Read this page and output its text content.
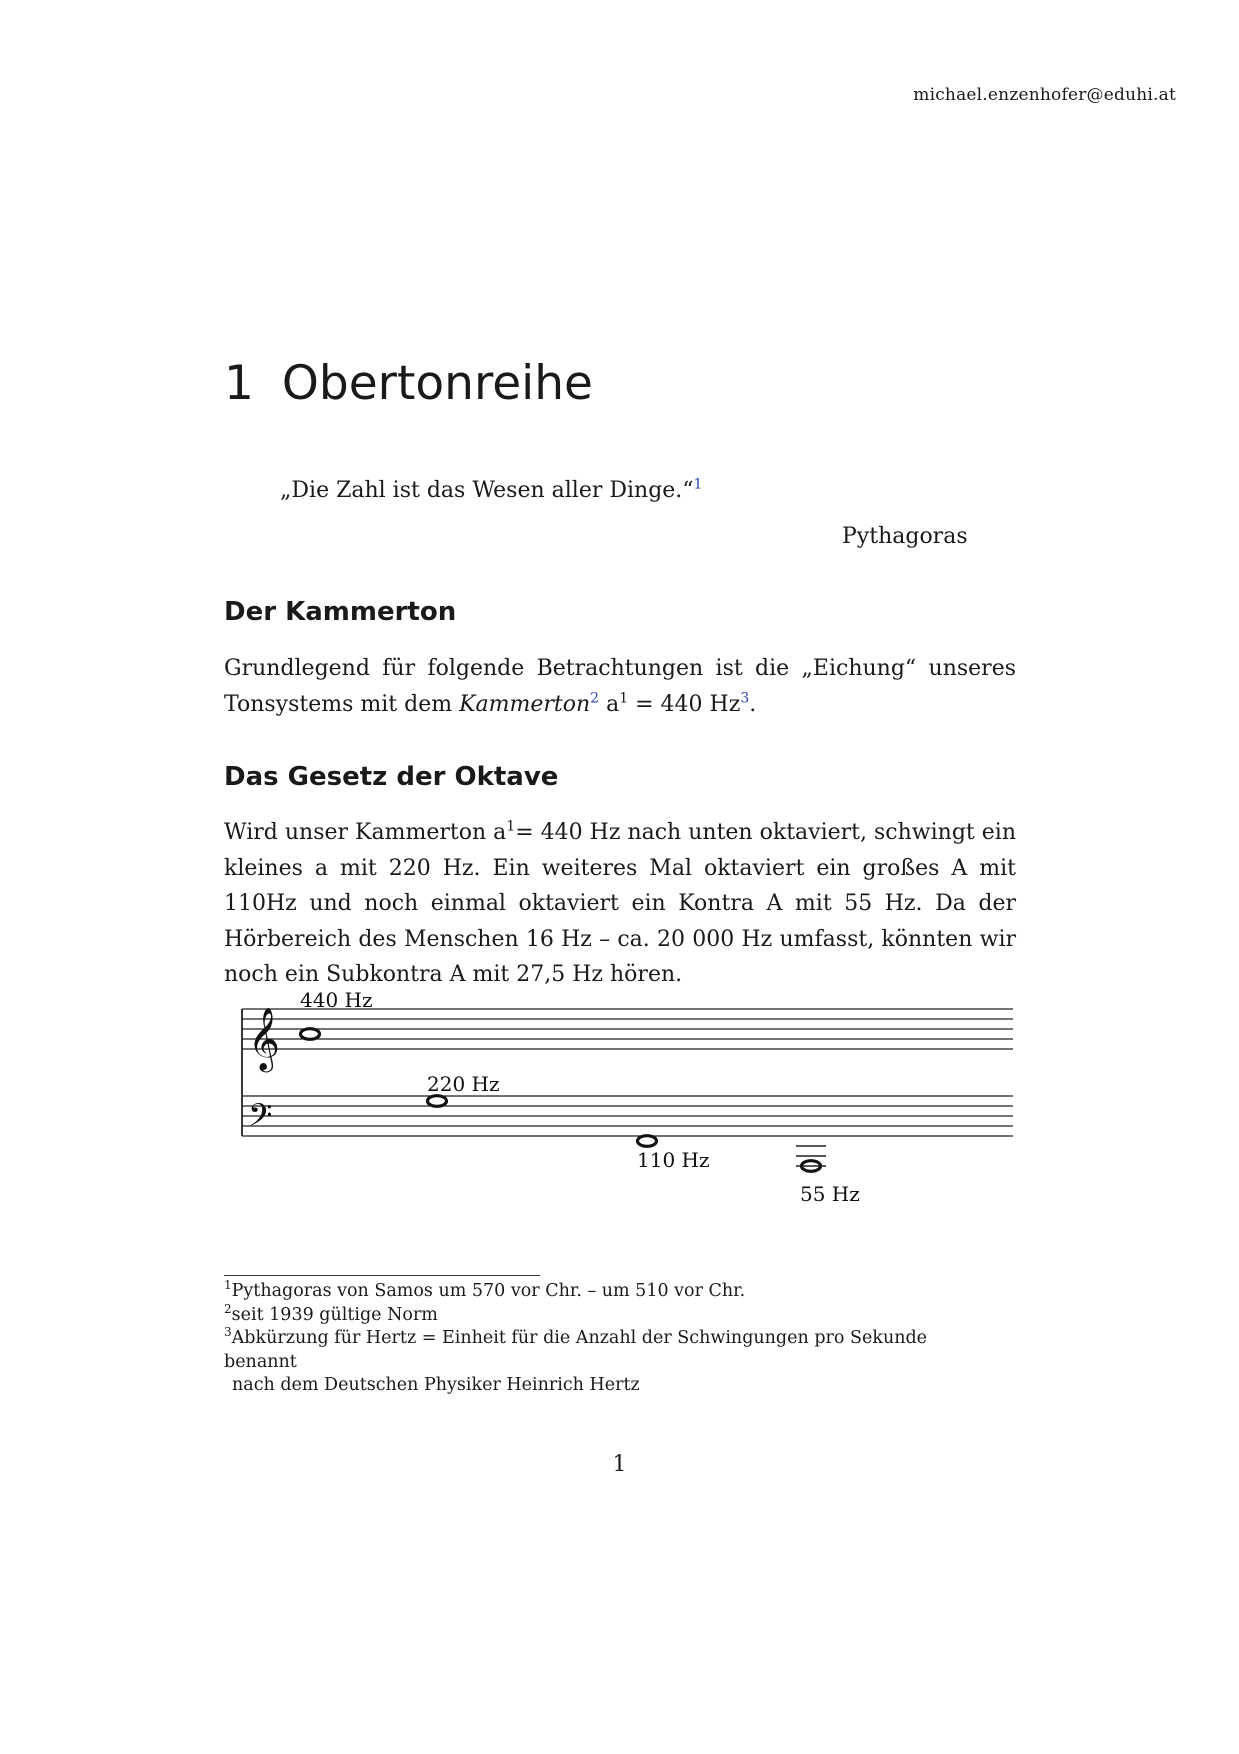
michael.enzenhofer@eduhi.at
1 Obertonreihe
„Die Zahl ist das Wesen aller Dinge.“$^1$
Pythagoras
Der Kammerton

Grundlegend für folgende Betrachtungen ist die „Eichung“ unseres Tonsystems mit dem Kammerton$^2$ $a^1 = 440$ Hz$^3$.

Das Gesetz der Oktave

Wird unser Kammerton $a^1= 440$ Hz nach unten oktaviert, schwingt ein kleines a mit 220 Hz. Ein weiteres Mal oktaviert ein großes A mit 110Hz und noch einmal oktaviert ein Kontra A mit 55 Hz. Da der Hörbereich des Menschen 16 Hz – ca. 20 000 Hz umfasst, könnten wir noch ein Subkontra A mit 27,5 Hz hören.

𝄞
𝄢
440 Hz
220 Hz
110 Hz
55 Hz

$^1$Pythagoras von Samos um 570 vor Chr. – um 510 vor Chr.

$^2$seit 1939 gültige Norm

$^3$Abkürzung für Hertz = Einheit für die Anzahl der Schwingungen pro Sekunde benannt

nach dem Deutschen Physiker Heinrich Hertz

1
